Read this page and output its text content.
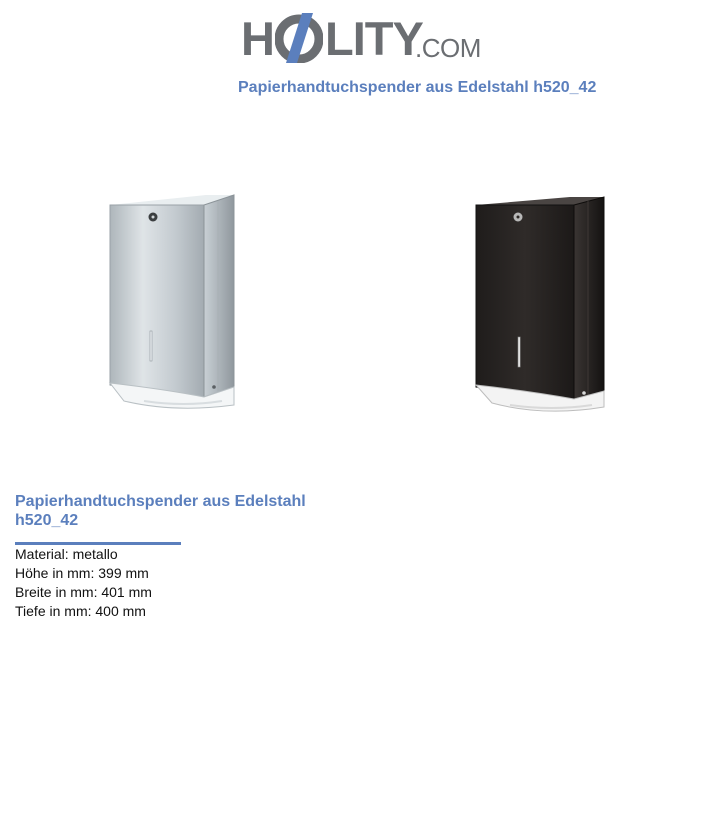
H LITY
.COM
Papierhandtuchspender aus Edelstahl h520_42
Papierhandtuchspender aus Edelstahl h520_42
Material: metallo
Höhe in mm: 399 mm
Breite in mm: 401 mm
Tiefe in mm: 400 mm
